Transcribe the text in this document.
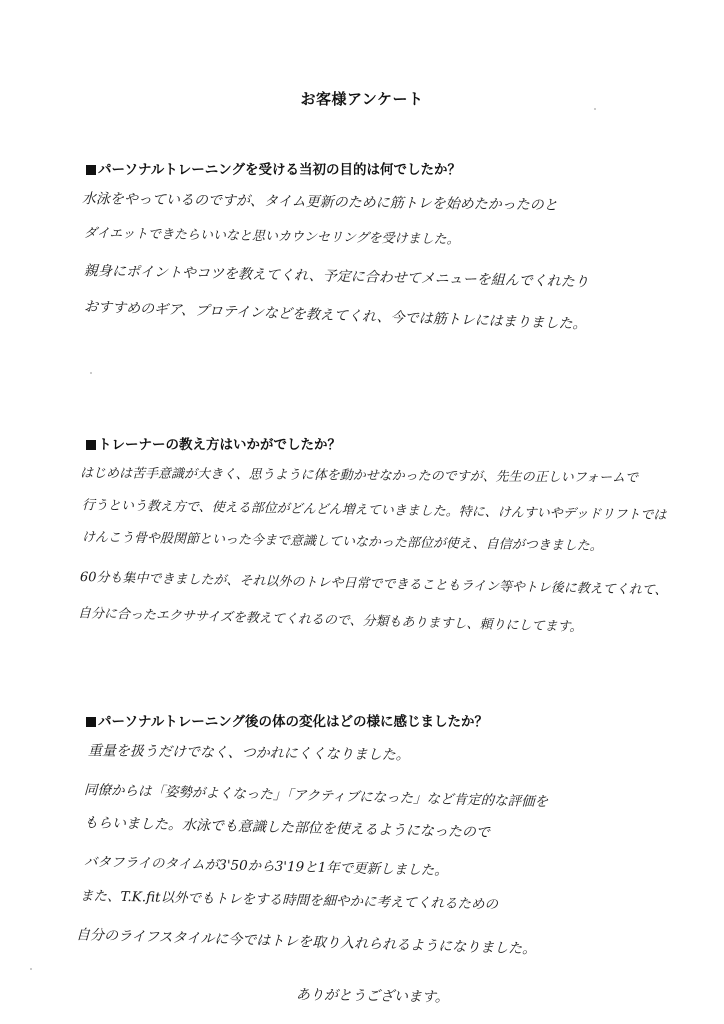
お客様アンケート
パーソナルトレーニングを受ける当初の目的は何でしたか？
水泳をやっているのですが、タイム更新のために筋トレを始めたかったのと
ダイエットできたらいいなと思いカウンセリングを受けました。
親身にポイントやコツを教えてくれ、予定に合わせてメニューを組んでくれたり
おすすめのギア、プロテインなどを教えてくれ、今では筋トレにはまりました。
トレーナーの教え方はいかがでしたか？
はじめは苦手意識が大きく、思うように体を動かせなかったのですが、先生の正しいフォームで
行うという教え方で、使える部位がどんどん増えていきました。特に、けんすいやデッドリフトでは
けんこう骨や股関節といった今まで意識していなかった部位が使え、自信がつきました。
60分も集中できましたが、それ以外のトレや日常でできることもライン等やトレ後に教えてくれて、
自分に合ったエクササイズを教えてくれるので、分類もありますし、頼りにしてます。
パーソナルトレーニング後の体の変化はどの様に感じましたか？
重量を扱うだけでなく、つかれにくくなりました。
同僚からは「姿勢がよくなった」「アクティブになった」など肯定的な評価を
もらいました。水泳でも意識した部位を使えるようになったので
バタフライのタイムが3'50から3'19と1年で更新しました。
また、T.K.fit以外でもトレをする時間を細やかに考えてくれるための
自分のライフスタイルに今ではトレを取り入れられるようになりました。
ありがとうございます。
